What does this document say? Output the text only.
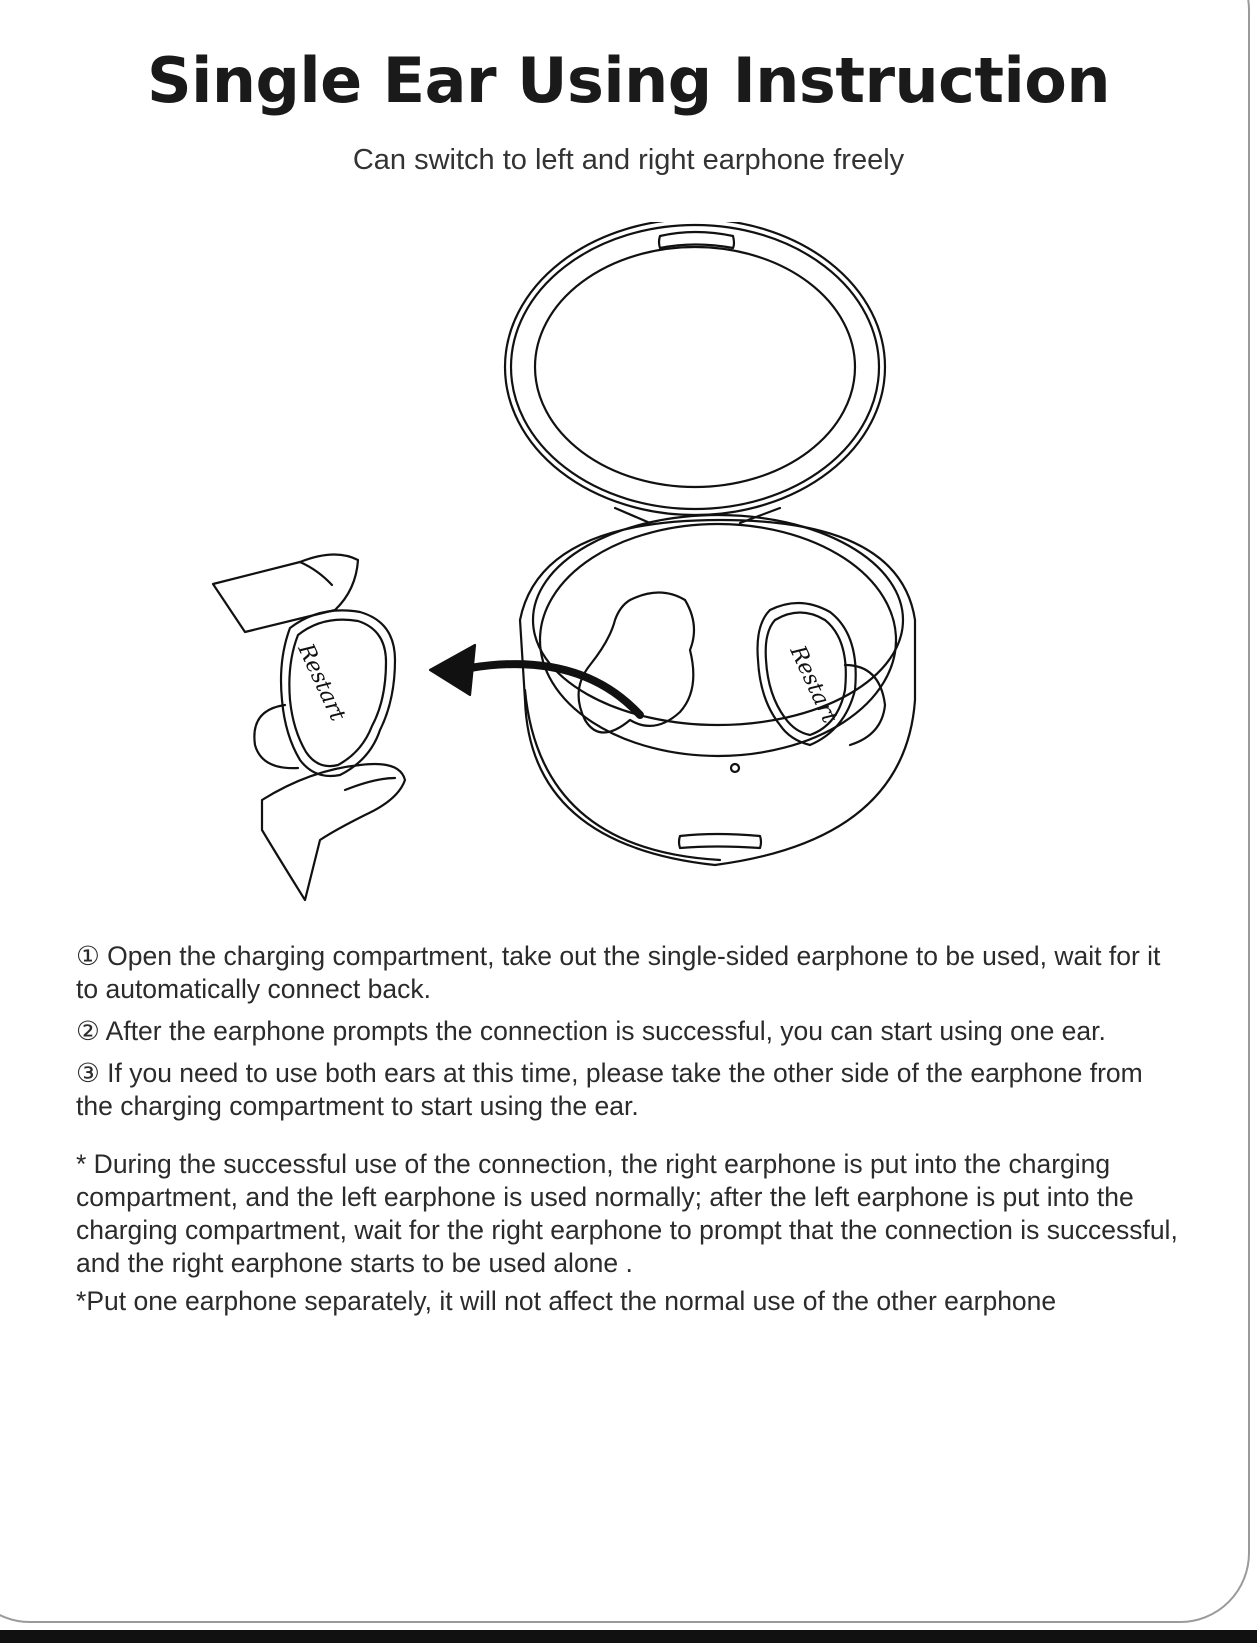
Single Ear Using Instruction

Can switch to left and right earphone freely

Restart
Restart

① Open the charging compartment, take out the single-sided earphone to be used, wait for it to automatically connect back.

② After the earphone prompts the connection is successful, you can start using one ear.

③ If you need to use both ears at this time, please take the other side of the earphone from the charging compartment to start using the ear.

* During the successful use of the connection, the right earphone is put into the charging compartment, and the left earphone is used normally; after the left earphone is put into the charging compartment, wait for the right earphone to prompt that the connection is successful, and the right earphone starts to be used alone .

*Put one earphone separately, it will not affect the normal use of the other earphone
